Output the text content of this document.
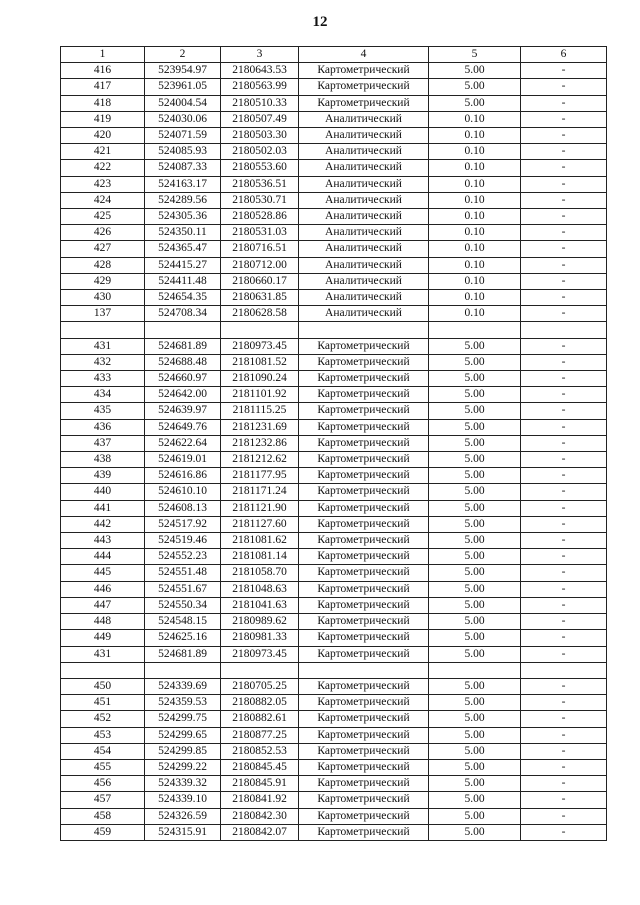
12
1	2	3	4	5	6
416	523954.97	2180643.53	Картометрический	5.00	-
417	523961.05	2180563.99	Картометрический	5.00	-
418	524004.54	2180510.33	Картометрический	5.00	-
419	524030.06	2180507.49	Аналитический	0.10	-
420	524071.59	2180503.30	Аналитический	0.10	-
421	524085.93	2180502.03	Аналитический	0.10	-
422	524087.33	2180553.60	Аналитический	0.10	-
423	524163.17	2180536.51	Аналитический	0.10	-
424	524289.56	2180530.71	Аналитический	0.10	-
425	524305.36	2180528.86	Аналитический	0.10	-
426	524350.11	2180531.03	Аналитический	0.10	-
427	524365.47	2180716.51	Аналитический	0.10	-
428	524415.27	2180712.00	Аналитический	0.10	-
429	524411.48	2180660.17	Аналитический	0.10	-
430	524654.35	2180631.85	Аналитический	0.10	-
137	524708.34	2180628.58	Аналитический	0.10	-

431	524681.89	2180973.45	Картометрический	5.00	-
432	524688.48	2181081.52	Картометрический	5.00	-
433	524660.97	2181090.24	Картометрический	5.00	-
434	524642.00	2181101.92	Картометрический	5.00	-
435	524639.97	2181115.25	Картометрический	5.00	-
436	524649.76	2181231.69	Картометрический	5.00	-
437	524622.64	2181232.86	Картометрический	5.00	-
438	524619.01	2181212.62	Картометрический	5.00	-
439	524616.86	2181177.95	Картометрический	5.00	-
440	524610.10	2181171.24	Картометрический	5.00	-
441	524608.13	2181121.90	Картометрический	5.00	-
442	524517.92	2181127.60	Картометрический	5.00	-
443	524519.46	2181081.62	Картометрический	5.00	-
444	524552.23	2181081.14	Картометрический	5.00	-
445	524551.48	2181058.70	Картометрический	5.00	-
446	524551.67	2181048.63	Картометрический	5.00	-
447	524550.34	2181041.63	Картометрический	5.00	-
448	524548.15	2180989.62	Картометрический	5.00	-
449	524625.16	2180981.33	Картометрический	5.00	-
431	524681.89	2180973.45	Картометрический	5.00	-

450	524339.69	2180705.25	Картометрический	5.00	-
451	524359.53	2180882.05	Картометрический	5.00	-
452	524299.75	2180882.61	Картометрический	5.00	-
453	524299.65	2180877.25	Картометрический	5.00	-
454	524299.85	2180852.53	Картометрический	5.00	-
455	524299.22	2180845.45	Картометрический	5.00	-
456	524339.32	2180845.91	Картометрический	5.00	-
457	524339.10	2180841.92	Картометрический	5.00	-
458	524326.59	2180842.30	Картометрический	5.00	-
459	524315.91	2180842.07	Картометрический	5.00	-
